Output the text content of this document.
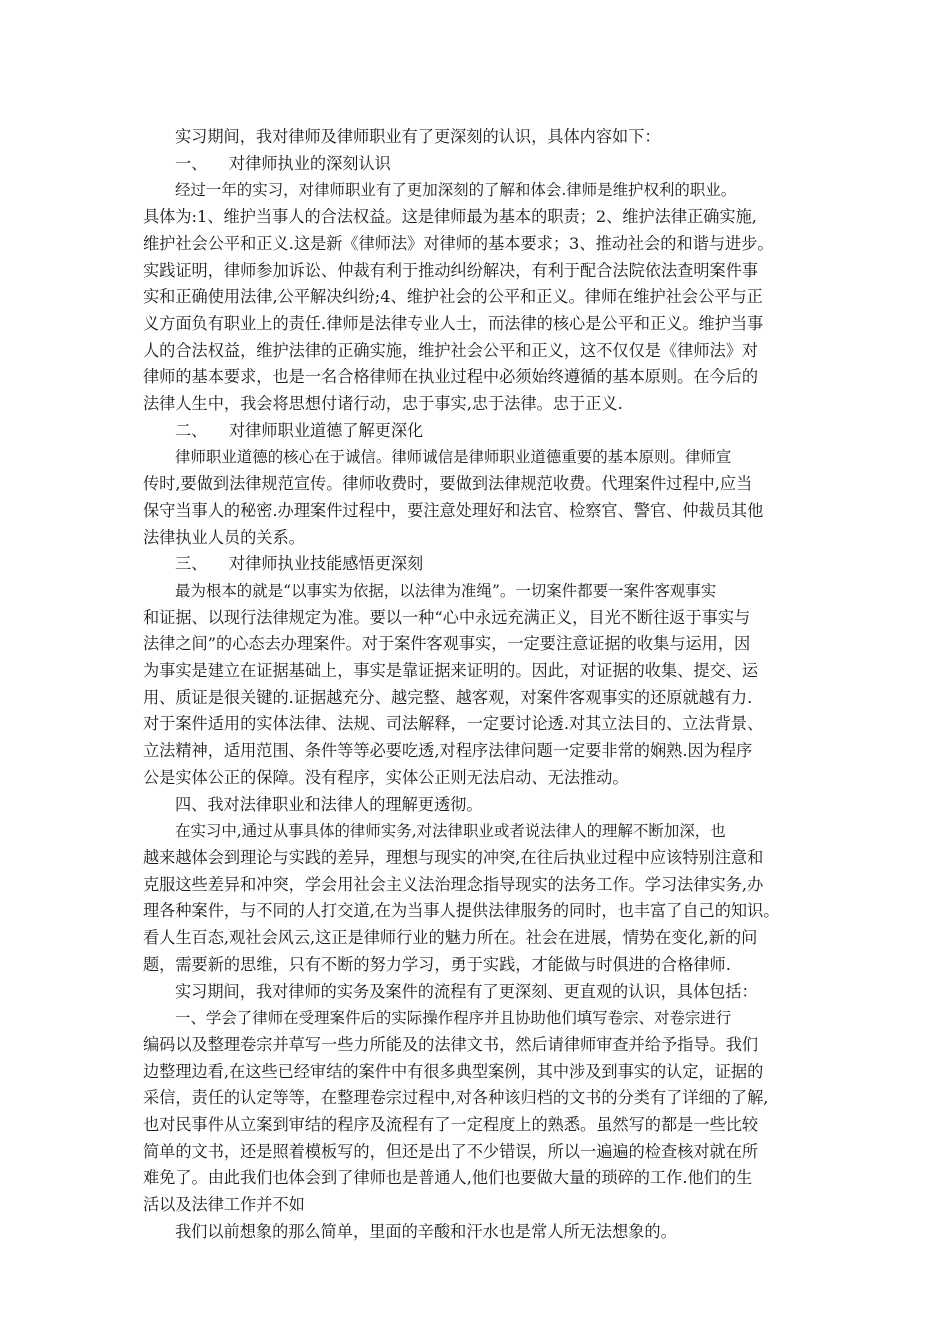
实习期间，我对律师及律师职业有了更深刻的认识，具体内容如下：

一、 对律师执业的深刻认识

经过一年的实习，对律师职业有了更加深刻的了解和体会.律师是维护权利的职业。
具体为:1、维护当事人的合法权益。这是律师最为基本的职责；2、维护法律正确实施,
维护社会公平和正义.这是新《律师法》对律师的基本要求；3、推动社会的和谐与进步。
实践证明，律师参加诉讼、仲裁有利于推动纠纷解决，有利于配合法院依法查明案件事
实和正确使用法律,公平解决纠纷;4、维护社会的公平和正义。律师在维护社会公平与正
义方面负有职业上的责任.律师是法律专业人士，而法律的核心是公平和正义。维护当事
人的合法权益，维护法律的正确实施，维护社会公平和正义，这不仅仅是《律师法》对
律师的基本要求，也是一名合格律师在执业过程中必须始终遵循的基本原则。在今后的
法律人生中，我会将思想付诸行动，忠于事实,忠于法律。忠于正义.

二、 对律师职业道德了解更深化

律师职业道德的核心在于诚信。律师诚信是律师职业道德重要的基本原则。律师宣
传时,要做到法律规范宣传。律师收费时，要做到法律规范收费。代理案件过程中,应当
保守当事人的秘密.办理案件过程中，要注意处理好和法官、检察官、警官、仲裁员其他
法律执业人员的关系。

三、 对律师执业技能感悟更深刻

最为根本的就是“以事实为依据，以法律为准绳”。一切案件都要一案件客观事实
和证据、以现行法律规定为准。要以一种“心中永远充满正义，目光不断往返于事实与
法律之间”的心态去办理案件。对于案件客观事实，一定要注意证据的收集与运用，因
为事实是建立在证据基础上，事实是靠证据来证明的。因此，对证据的收集、提交、运
用、质证是很关键的.证据越充分、越完整、越客观，对案件客观事实的还原就越有力.
对于案件适用的实体法律、法规、司法解释，一定要讨论透.对其立法目的、立法背景、
立法精神，适用范围、条件等等必要吃透,对程序法律问题一定要非常的娴熟.因为程序
公是实体公正的保障。没有程序，实体公正则无法启动、无法推动。

四、我对法律职业和法律人的理解更透彻。

在实习中,通过从事具体的律师实务,对法律职业或者说法律人的理解不断加深，也
越来越体会到理论与实践的差异，理想与现实的冲突,在往后执业过程中应该特别注意和
克服这些差异和冲突，学会用社会主义法治理念指导现实的法务工作。学习法律实务,办
理各种案件，与不同的人打交道,在为当事人提供法律服务的同时，也丰富了自己的知识。
看人生百态,观社会风云,这正是律师行业的魅力所在。社会在进展，情势在变化,新的问
题，需要新的思维，只有不断的努力学习，勇于实践，才能做与时俱进的合格律师.

实习期间，我对律师的实务及案件的流程有了更深刻、更直观的认识，具体包括：

一、学会了律师在受理案件后的实际操作程序并且协助他们填写卷宗、对卷宗进行
编码以及整理卷宗并草写一些力所能及的法律文书，然后请律师审查并给予指导。我们
边整理边看,在这些已经审结的案件中有很多典型案例，其中涉及到事实的认定，证据的
采信，责任的认定等等，在整理卷宗过程中,对各种该归档的文书的分类有了详细的了解,
也对民事件从立案到审结的程序及流程有了一定程度上的熟悉。虽然写的都是一些比较
简单的文书，还是照着模板写的，但还是出了不少错误，所以一遍遍的检查核对就在所
难免了。由此我们也体会到了律师也是普通人,他们也要做大量的琐碎的工作.他们的生
活以及法律工作并不如

我们以前想象的那么简单，里面的辛酸和汗水也是常人所无法想象的。
